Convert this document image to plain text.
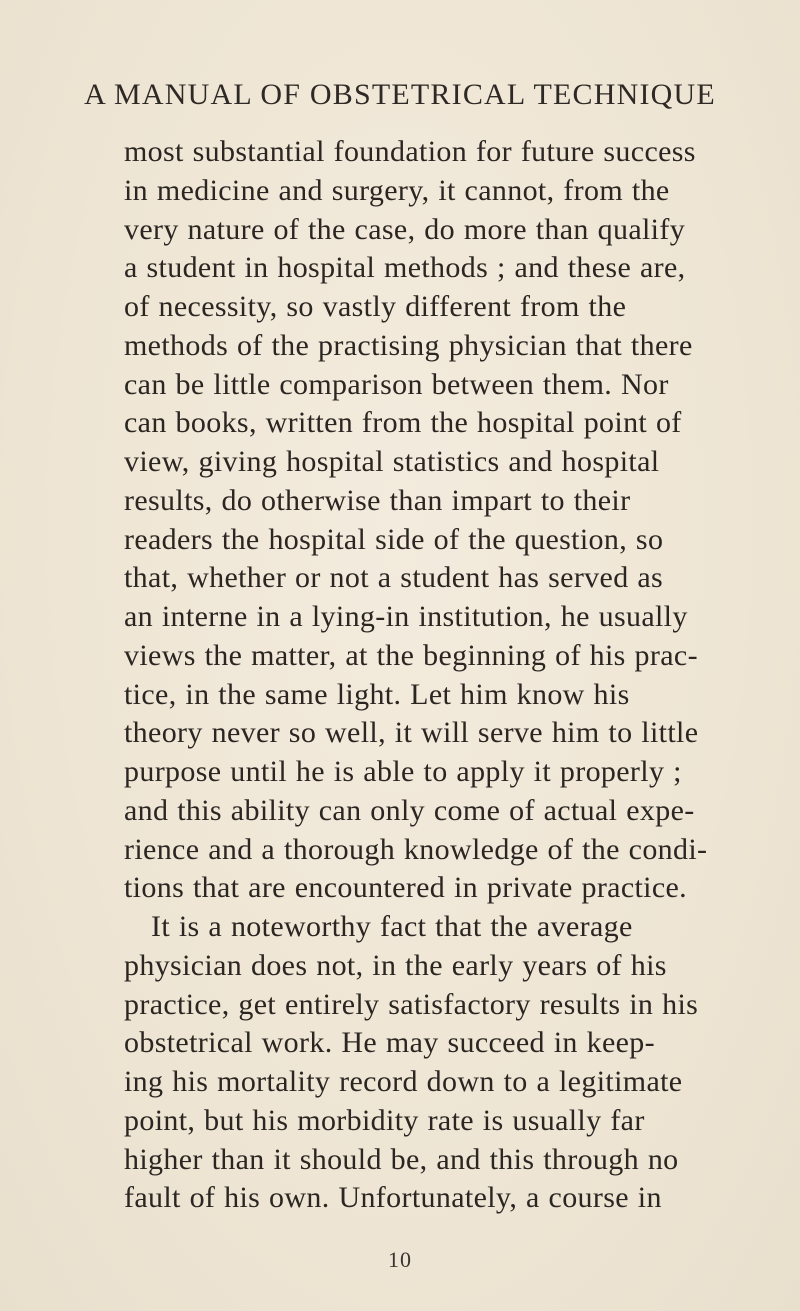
A MANUAL OF OBSTETRICAL TECHNIQUE
most substantial foundation for future success
in medicine and surgery, it cannot, from the
very nature of the case, do more than qualify
a student in hospital methods ; and these are,
of necessity, so vastly different from the
methods of the practising physician that there
can be little comparison between them. Nor
can books, written from the hospital point of
view, giving hospital statistics and hospital
results, do otherwise than impart to their
readers the hospital side of the question, so
that, whether or not a student has served as
an interne in a lying-in institution, he usually
views the matter, at the beginning of his prac-
tice, in the same light. Let him know his
theory never so well, it will serve him to little
purpose until he is able to apply it properly ;
and this ability can only come of actual expe-
rience and a thorough knowledge of the condi-
tions that are encountered in private practice.
It is a noteworthy fact that the average
physician does not, in the early years of his
practice, get entirely satisfactory results in his
obstetrical work. He may succeed in keep-
ing his mortality record down to a legitimate
point, but his morbidity rate is usually far
higher than it should be, and this through no
fault of his own. Unfortunately, a course in
10
